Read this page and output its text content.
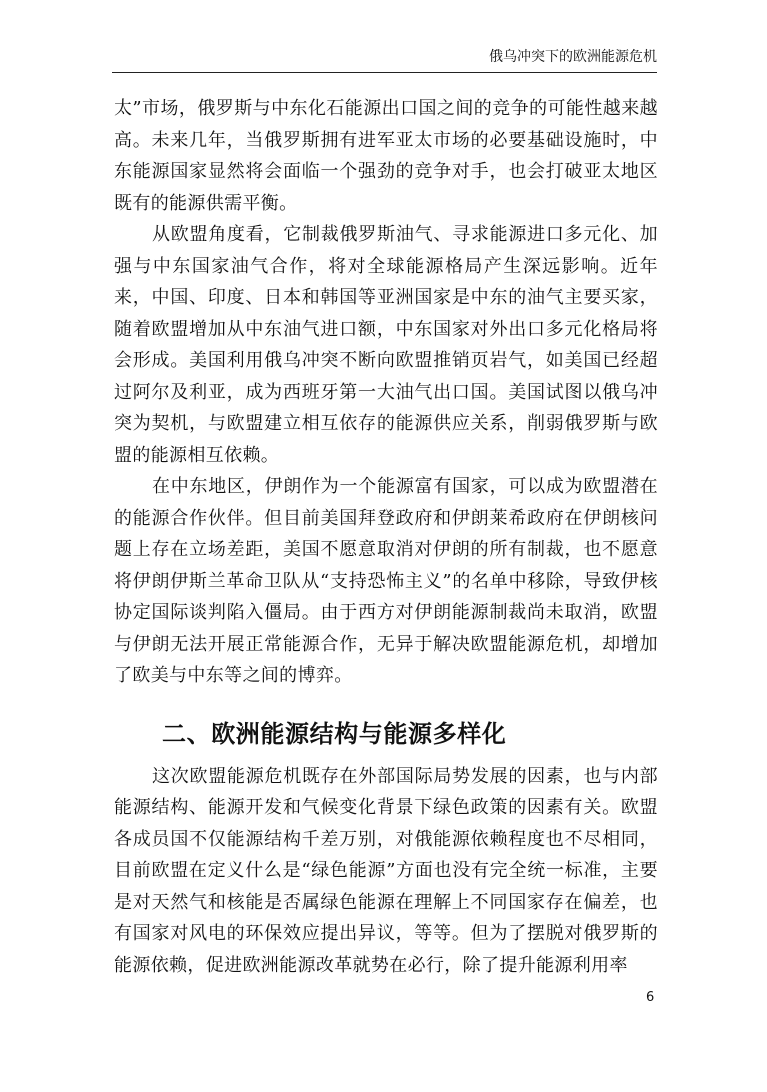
俄乌冲突下的欧洲能源危机

太”市场，俄罗斯与中东化石能源出口国之间的竞争的可能性越来越高。未来几年，当俄罗斯拥有进军亚太市场的必要基础设施时，中东能源国家显然将会面临一个强劲的竞争对手，也会打破亚太地区既有的能源供需平衡。

从欧盟角度看，它制裁俄罗斯油气、寻求能源进口多元化、加强与中东国家油气合作，将对全球能源格局产生深远影响。近年来，中国、印度、日本和韩国等亚洲国家是中东的油气主要买家，随着欧盟增加从中东油气进口额，中东国家对外出口多元化格局将会形成。美国利用俄乌冲突不断向欧盟推销页岩气，如美国已经超过阿尔及利亚，成为西班牙第一大油气出口国。美国试图以俄乌冲突为契机，与欧盟建立相互依存的能源供应关系，削弱俄罗斯与欧盟的能源相互依赖。

在中东地区，伊朗作为一个能源富有国家，可以成为欧盟潜在的能源合作伙伴。但目前美国拜登政府和伊朗莱希政府在伊朗核问题上存在立场差距，美国不愿意取消对伊朗的所有制裁，也不愿意将伊朗伊斯兰革命卫队从“支持恐怖主义”的名单中移除，导致伊核协定国际谈判陷入僵局。由于西方对伊朗能源制裁尚未取消，欧盟与伊朗无法开展正常能源合作，无异于解决欧盟能源危机，却增加了欧美与中东等之间的博弈。

二、欧洲能源结构与能源多样化

这次欧盟能源危机既存在外部国际局势发展的因素，也与内部能源结构、能源开发和气候变化背景下绿色政策的因素有关。欧盟各成员国不仅能源结构千差万别，对俄能源依赖程度也不尽相同，目前欧盟在定义什么是“绿色能源”方面也没有完全统一标准，主要是对天然气和核能是否属绿色能源在理解上不同国家存在偏差，也有国家对风电的环保效应提出异议，等等。但为了摆脱对俄罗斯的能源依赖，促进欧洲能源改革就势在必行，除了提升能源利用率

6
